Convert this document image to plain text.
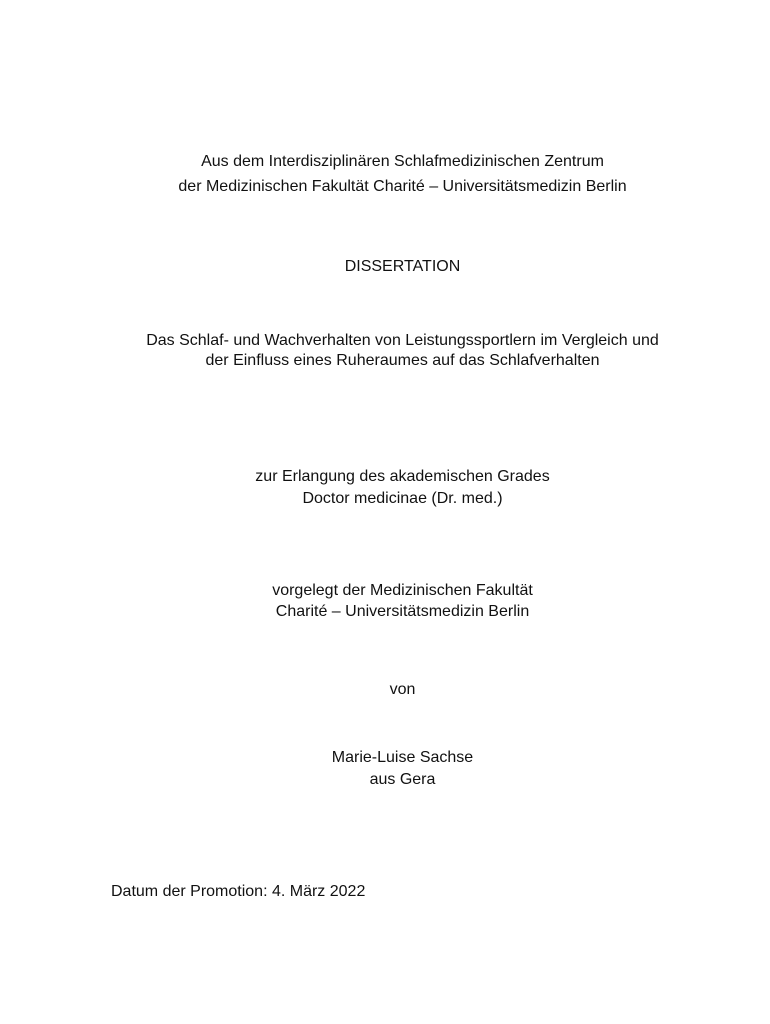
Aus dem Interdisziplinären Schlafmedizinischen Zentrum
der Medizinischen Fakultät Charité – Universitätsmedizin Berlin
DISSERTATION
Das Schlaf- und Wachverhalten von Leistungssportlern im Vergleich und
der Einfluss eines Ruheraumes auf das Schlafverhalten
zur Erlangung des akademischen Grades
Doctor medicinae (Dr. med.)
vorgelegt der Medizinischen Fakultät
Charité – Universitätsmedizin Berlin
von
Marie-Luise Sachse
aus Gera
Datum der Promotion: 4. März 2022
